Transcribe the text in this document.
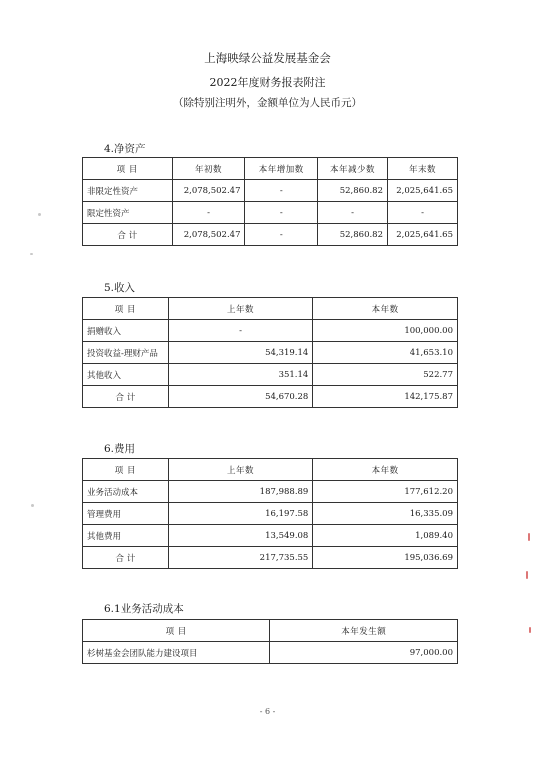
上海映绿公益发展基金会
2022年度财务报表附注
（除特别注明外，金额单位为人民币元）
4.净资产
项 目	年初数	本年增加数	本年减少数	年末数
非限定性资产	2,078,502.47	-	52,860.82	2,025,641.65
限定性资产	-	-	-	-
合 计	2,078,502.47	-	52,860.82	2,025,641.65
5.收入
项 目	上年数	本年数
捐赠收入	-	100,000.00
投资收益-理财产品	54,319.14	41,653.10
其他收入	351.14	522.77
合 计	54,670.28	142,175.87
6.费用
项 目	上年数	本年数
业务活动成本	187,988.89	177,612.20
管理费用	16,197.58	16,335.09
其他费用	13,549.08	1,089.40
合 计	217,735.55	195,036.69
6.1业务活动成本
项 目	本年发生额
杉树基金会团队能力建设项目	97,000.00
- 6 -
